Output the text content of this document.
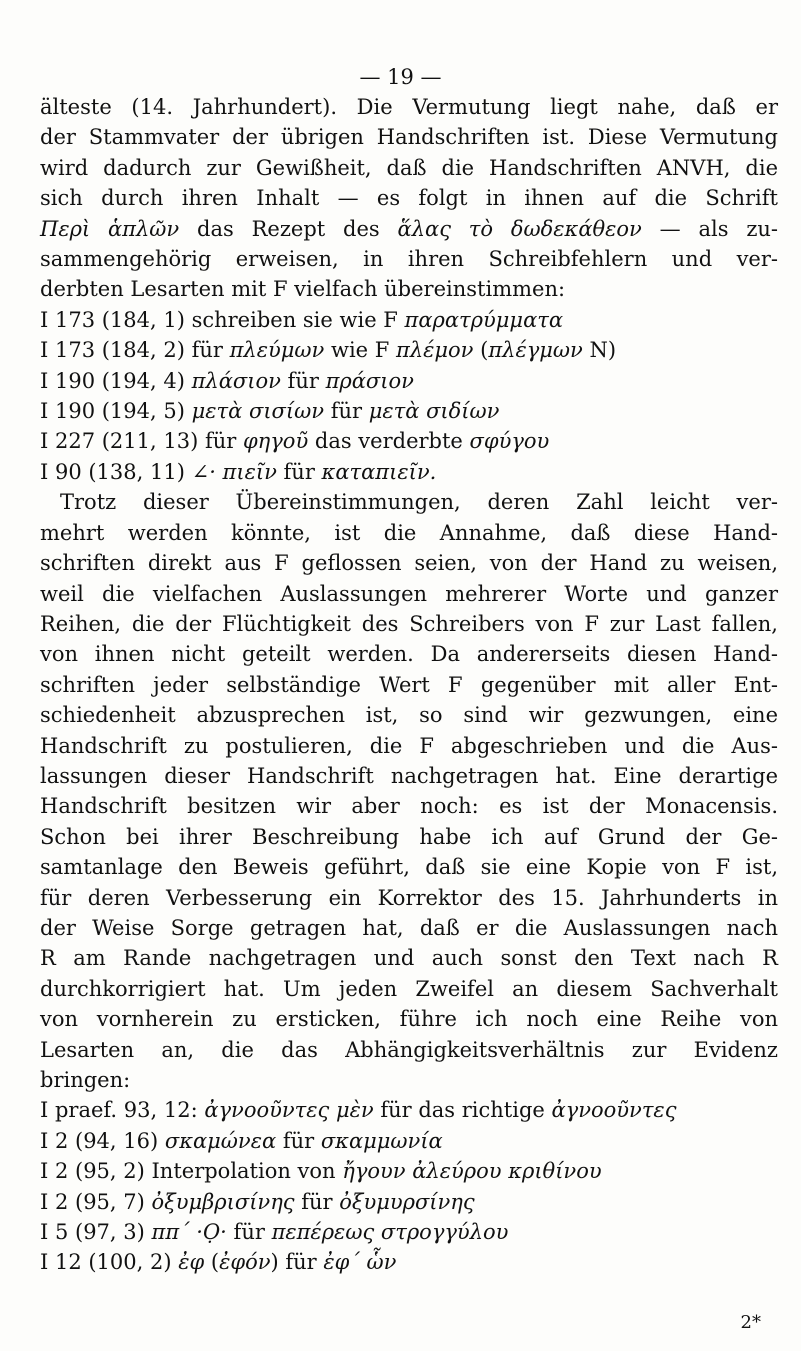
— 19 —
älteste (14. Jahrhundert). Die Vermutung liegt nahe, daß er
der Stammvater der übrigen Handschriften ist. Diese Vermutung
wird dadurch zur Gewißheit, daß die Handschriften ANVH, die
sich durch ihren Inhalt — es folgt in ihnen auf die Schrift
Περὶ ἁπλῶν das Rezept des ἅλας τὸ δωδεκάθεον — als zu-
sammengehörig erweisen, in ihren Schreibfehlern und ver-
derbten Lesarten mit F vielfach übereinstimmen:
I 173 (184, 1) schreiben sie wie F παρατρύμματα
I 173 (184, 2) für πλεύμων wie F πλέμον (πλέγμων N)
I 190 (194, 4) πλάσιον für πράσιον
I 190 (194, 5) μετὰ σισίων für μετὰ σιδίων
I 227 (211, 13) für φηγοῦ das verderbte σφύγου
I 90 (138, 11) ∠· πιεῖν für καταπιεῖν.
Trotz dieser Übereinstimmungen, deren Zahl leicht ver-
mehrt werden könnte, ist die Annahme, daß diese Hand-
schriften direkt aus F geflossen seien, von der Hand zu weisen,
weil die vielfachen Auslassungen mehrerer Worte und ganzer
Reihen, die der Flüchtigkeit des Schreibers von F zur Last fallen,
von ihnen nicht geteilt werden. Da andererseits diesen Hand-
schriften jeder selbständige Wert F gegenüber mit aller Ent-
schiedenheit abzusprechen ist, so sind wir gezwungen, eine
Handschrift zu postulieren, die F abgeschrieben und die Aus-
lassungen dieser Handschrift nachgetragen hat. Eine derartige
Handschrift besitzen wir aber noch: es ist der Monacensis.
Schon bei ihrer Beschreibung habe ich auf Grund der Ge-
samtanlage den Beweis geführt, daß sie eine Kopie von F ist,
für deren Verbesserung ein Korrektor des 15. Jahrhunderts in
der Weise Sorge getragen hat, daß er die Auslassungen nach
R am Rande nachgetragen und auch sonst den Text nach R
durchkorrigiert hat. Um jeden Zweifel an diesem Sachverhalt
von vornherein zu ersticken, führe ich noch eine Reihe von
Lesarten an, die das Abhängigkeitsverhältnis zur Evidenz
bringen:
I praef. 93, 12: ἀγνοοῦντες μὲν für das richtige ἀγνοοῦντες
I 2 (94, 16) σκαμώνεα für σκαμμωνία
I 2 (95, 2) Interpolation von ἤγουν ἀλεύρου κριθίνου
I 2 (95, 7) ὀξυμβρισίνης für ὀξυμυρσίνης
I 5 (97, 3) ππ΄ ·Ọ· für πεπέρεως στρογγύλου
I 12 (100, 2) ἐφ (ἐφόν) für ἐφ΄ ὧν
2*
